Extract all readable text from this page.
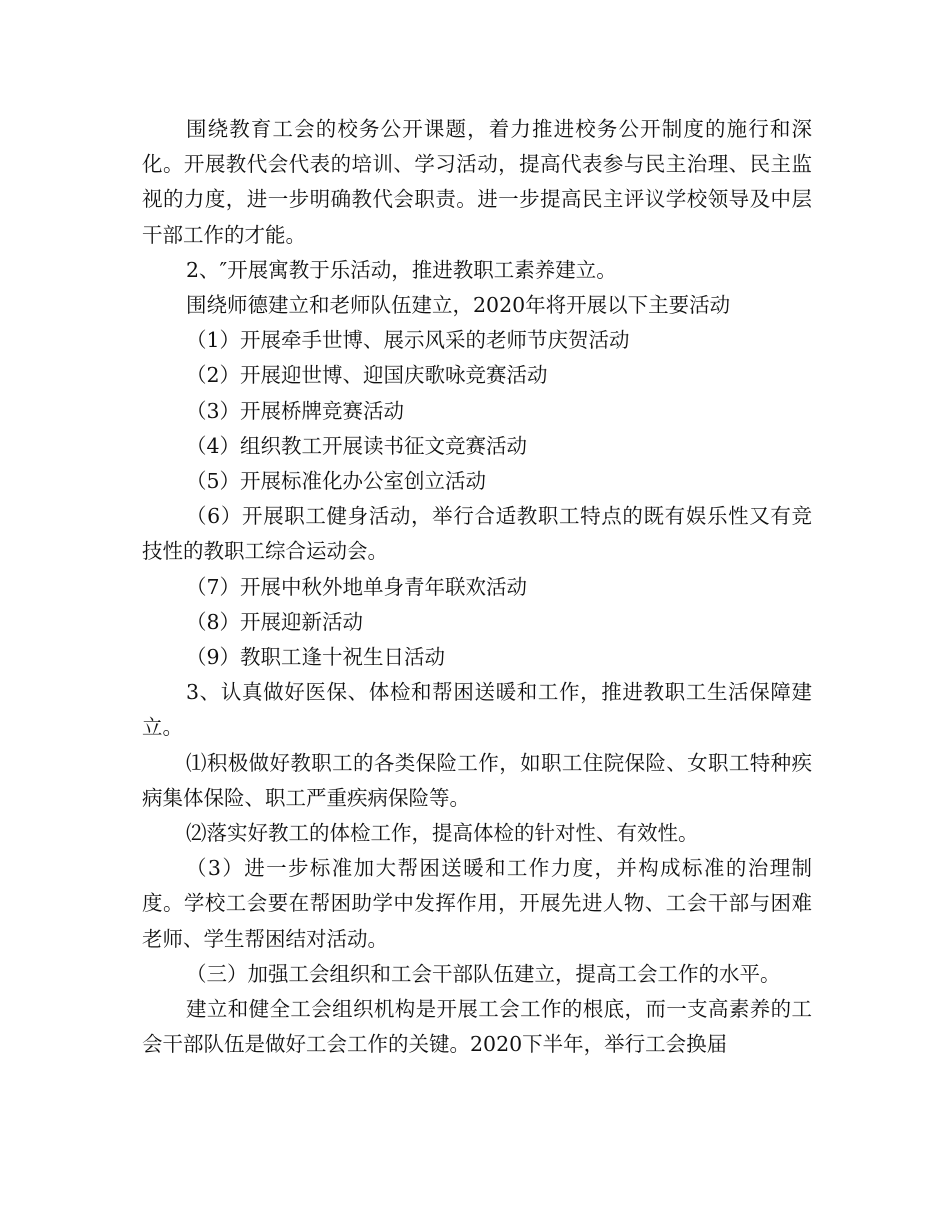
围绕教育工会的校务公开课题，着力推进校务公开制度的施行和深化。开展教代会代表的培训、学习活动，提高代表参与民主治理、民主监视的力度，进一步明确教代会职责。进一步提高民主评议学校领导及中层干部工作的才能。

2、″开展寓教于乐活动，推进教职工素养建立。

围绕师德建立和老师队伍建立，2020年将开展以下主要活动

（1）开展牵手世博、展示风采的老师节庆贺活动

（2）开展迎世博、迎国庆歌咏竞赛活动

（3）开展桥牌竞赛活动

（4）组织教工开展读书征文竞赛活动

（5）开展标准化办公室创立活动

（6）开展职工健身活动，举行合适教职工特点的既有娱乐性又有竞技性的教职工综合运动会。

（7）开展中秋外地单身青年联欢活动

（8）开展迎新活动

（9）教职工逢十祝生日活动

3、认真做好医保、体检和帮困送暖和工作，推进教职工生活保障建立。

⑴积极做好教职工的各类保险工作，如职工住院保险、女职工特种疾病集体保险、职工严重疾病保险等。

⑵落实好教工的体检工作，提高体检的针对性、有效性。

（3）进一步标准加大帮困送暖和工作力度，并构成标准的治理制度。学校工会要在帮困助学中发挥作用，开展先进人物、工会干部与困难老师、学生帮困结对活动。

（三）加强工会组织和工会干部队伍建立，提高工会工作的水平。

建立和健全工会组织机构是开展工会工作的根底，而一支高素养的工会干部队伍是做好工会工作的关键。2020下半年，举行工会换届
